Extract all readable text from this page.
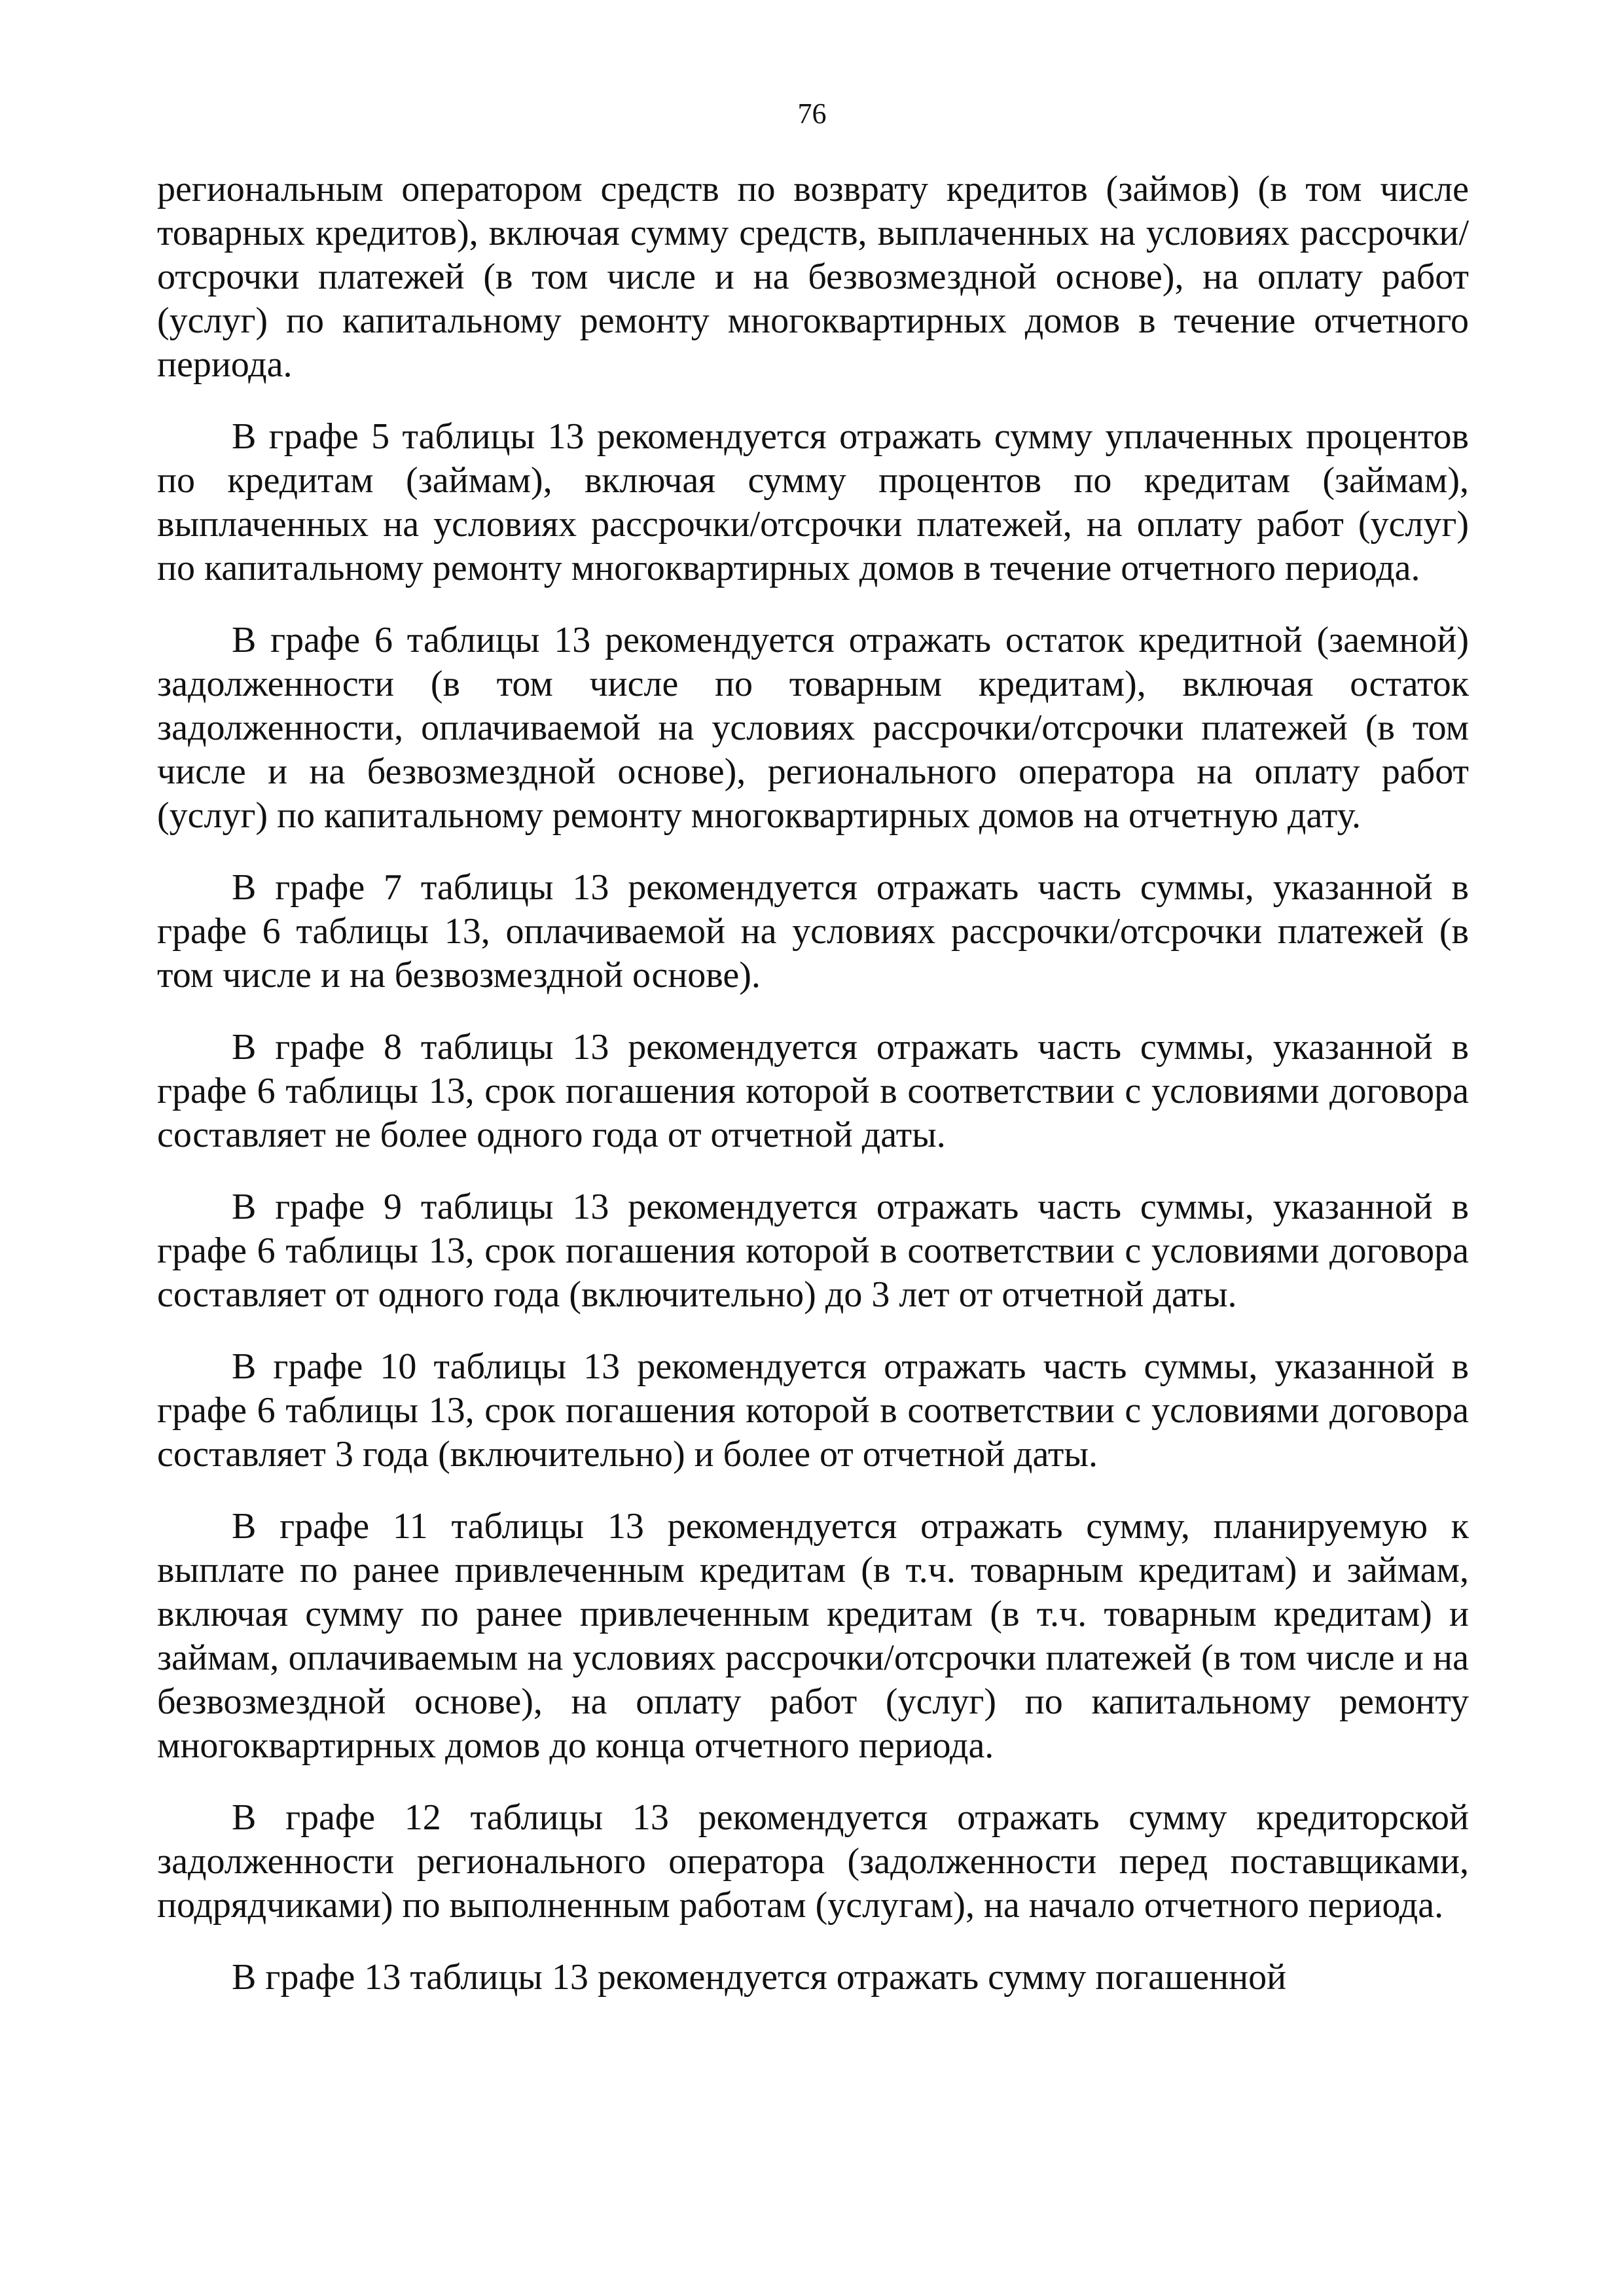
76

региональным оператором средств по возврату кредитов (займов) (в том числе товарных кредитов), включая сумму средств, выплаченных на условиях рассрочки/отсрочки платежей (в том числе и на безвозмездной основе), на оплату работ (услуг) по капитальному ремонту многоквартирных домов в течение отчетного периода.

В графе 5 таблицы 13 рекомендуется отражать сумму уплаченных процентов по кредитам (займам), включая сумму процентов по кредитам (займам), выплаченных на условиях рассрочки/отсрочки платежей, на оплату работ (услуг) по капитальному ремонту многоквартирных домов в течение отчетного периода.

В графе 6 таблицы 13 рекомендуется отражать остаток кредитной (заемной) задолженности (в том числе по товарным кредитам), включая остаток задолженности, оплачиваемой на условиях рассрочки/отсрочки платежей (в том числе и на безвозмездной основе), регионального оператора на оплату работ (услуг) по капитальному ремонту многоквартирных домов на отчетную дату.

В графе 7 таблицы 13 рекомендуется отражать часть суммы, указанной в графе 6 таблицы 13, оплачиваемой на условиях рассрочки/отсрочки платежей (в том числе и на безвозмездной основе).

В графе 8 таблицы 13 рекомендуется отражать часть суммы, указанной в графе 6 таблицы 13, срок погашения которой в соответствии с условиями договора составляет не более одного года от отчетной даты.

В графе 9 таблицы 13 рекомендуется отражать часть суммы, указанной в графе 6 таблицы 13, срок погашения которой в соответствии с условиями договора составляет от одного года (включительно) до 3 лет от отчетной даты.

В графе 10 таблицы 13 рекомендуется отражать часть суммы, указанной в графе 6 таблицы 13, срок погашения которой в соответствии с условиями договора составляет 3 года (включительно) и более от отчетной даты.

В графе 11 таблицы 13 рекомендуется отражать сумму, планируемую к выплате по ранее привлеченным кредитам (в т.ч. товарным кредитам) и займам, включая сумму по ранее привлеченным кредитам (в т.ч. товарным кредитам) и займам, оплачиваемым на условиях рассрочки/отсрочки платежей (в том числе и на безвозмездной основе), на оплату работ (услуг) по капитальному ремонту многоквартирных домов до конца отчетного периода.

В графе 12 таблицы 13 рекомендуется отражать сумму кредиторской задолженности регионального оператора (задолженности перед поставщиками, подрядчиками) по выполненным работам (услугам), на начало отчетного периода.

В графе 13 таблицы 13 рекомендуется отражать сумму погашенной
